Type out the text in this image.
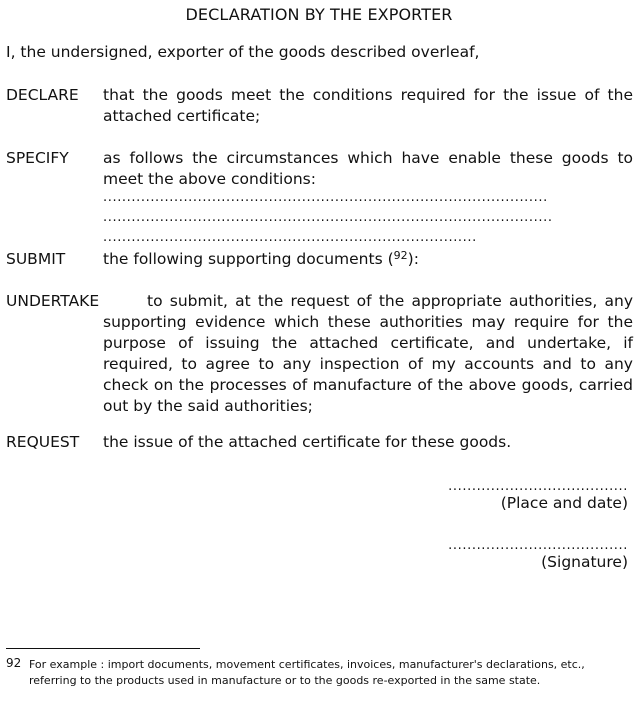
DECLARATION BY THE EXPORTER
I, the undersigned, exporter of the goods described overleaf,
DECLARE that the goods meet the conditions required for the issue of the attached certificate;
SPECIFY as follows the circumstances which have enable these goods to meet the above conditions:
..............................................................................................
...............................................................................................
...............................................................................
SUBMIT the following supporting documents ($^{92}$):
UNDERTAKE	to submit, at the request of the appropriate authorities, any supporting evidence which these authorities may require for the purpose of issuing the attached certificate, and undertake, if required, to agree to any inspection of my accounts and to any check on the processes of manufacture of the above goods, carried out by the said authorities;
REQUEST the issue of the attached certificate for these goods.
......................................
(Place and date)
......................................
(Signature)
92 For example : import documents, movement certificates, invoices, manufacturer's declarations, etc., referring to the products used in manufacture or to the goods re-exported in the same state.
